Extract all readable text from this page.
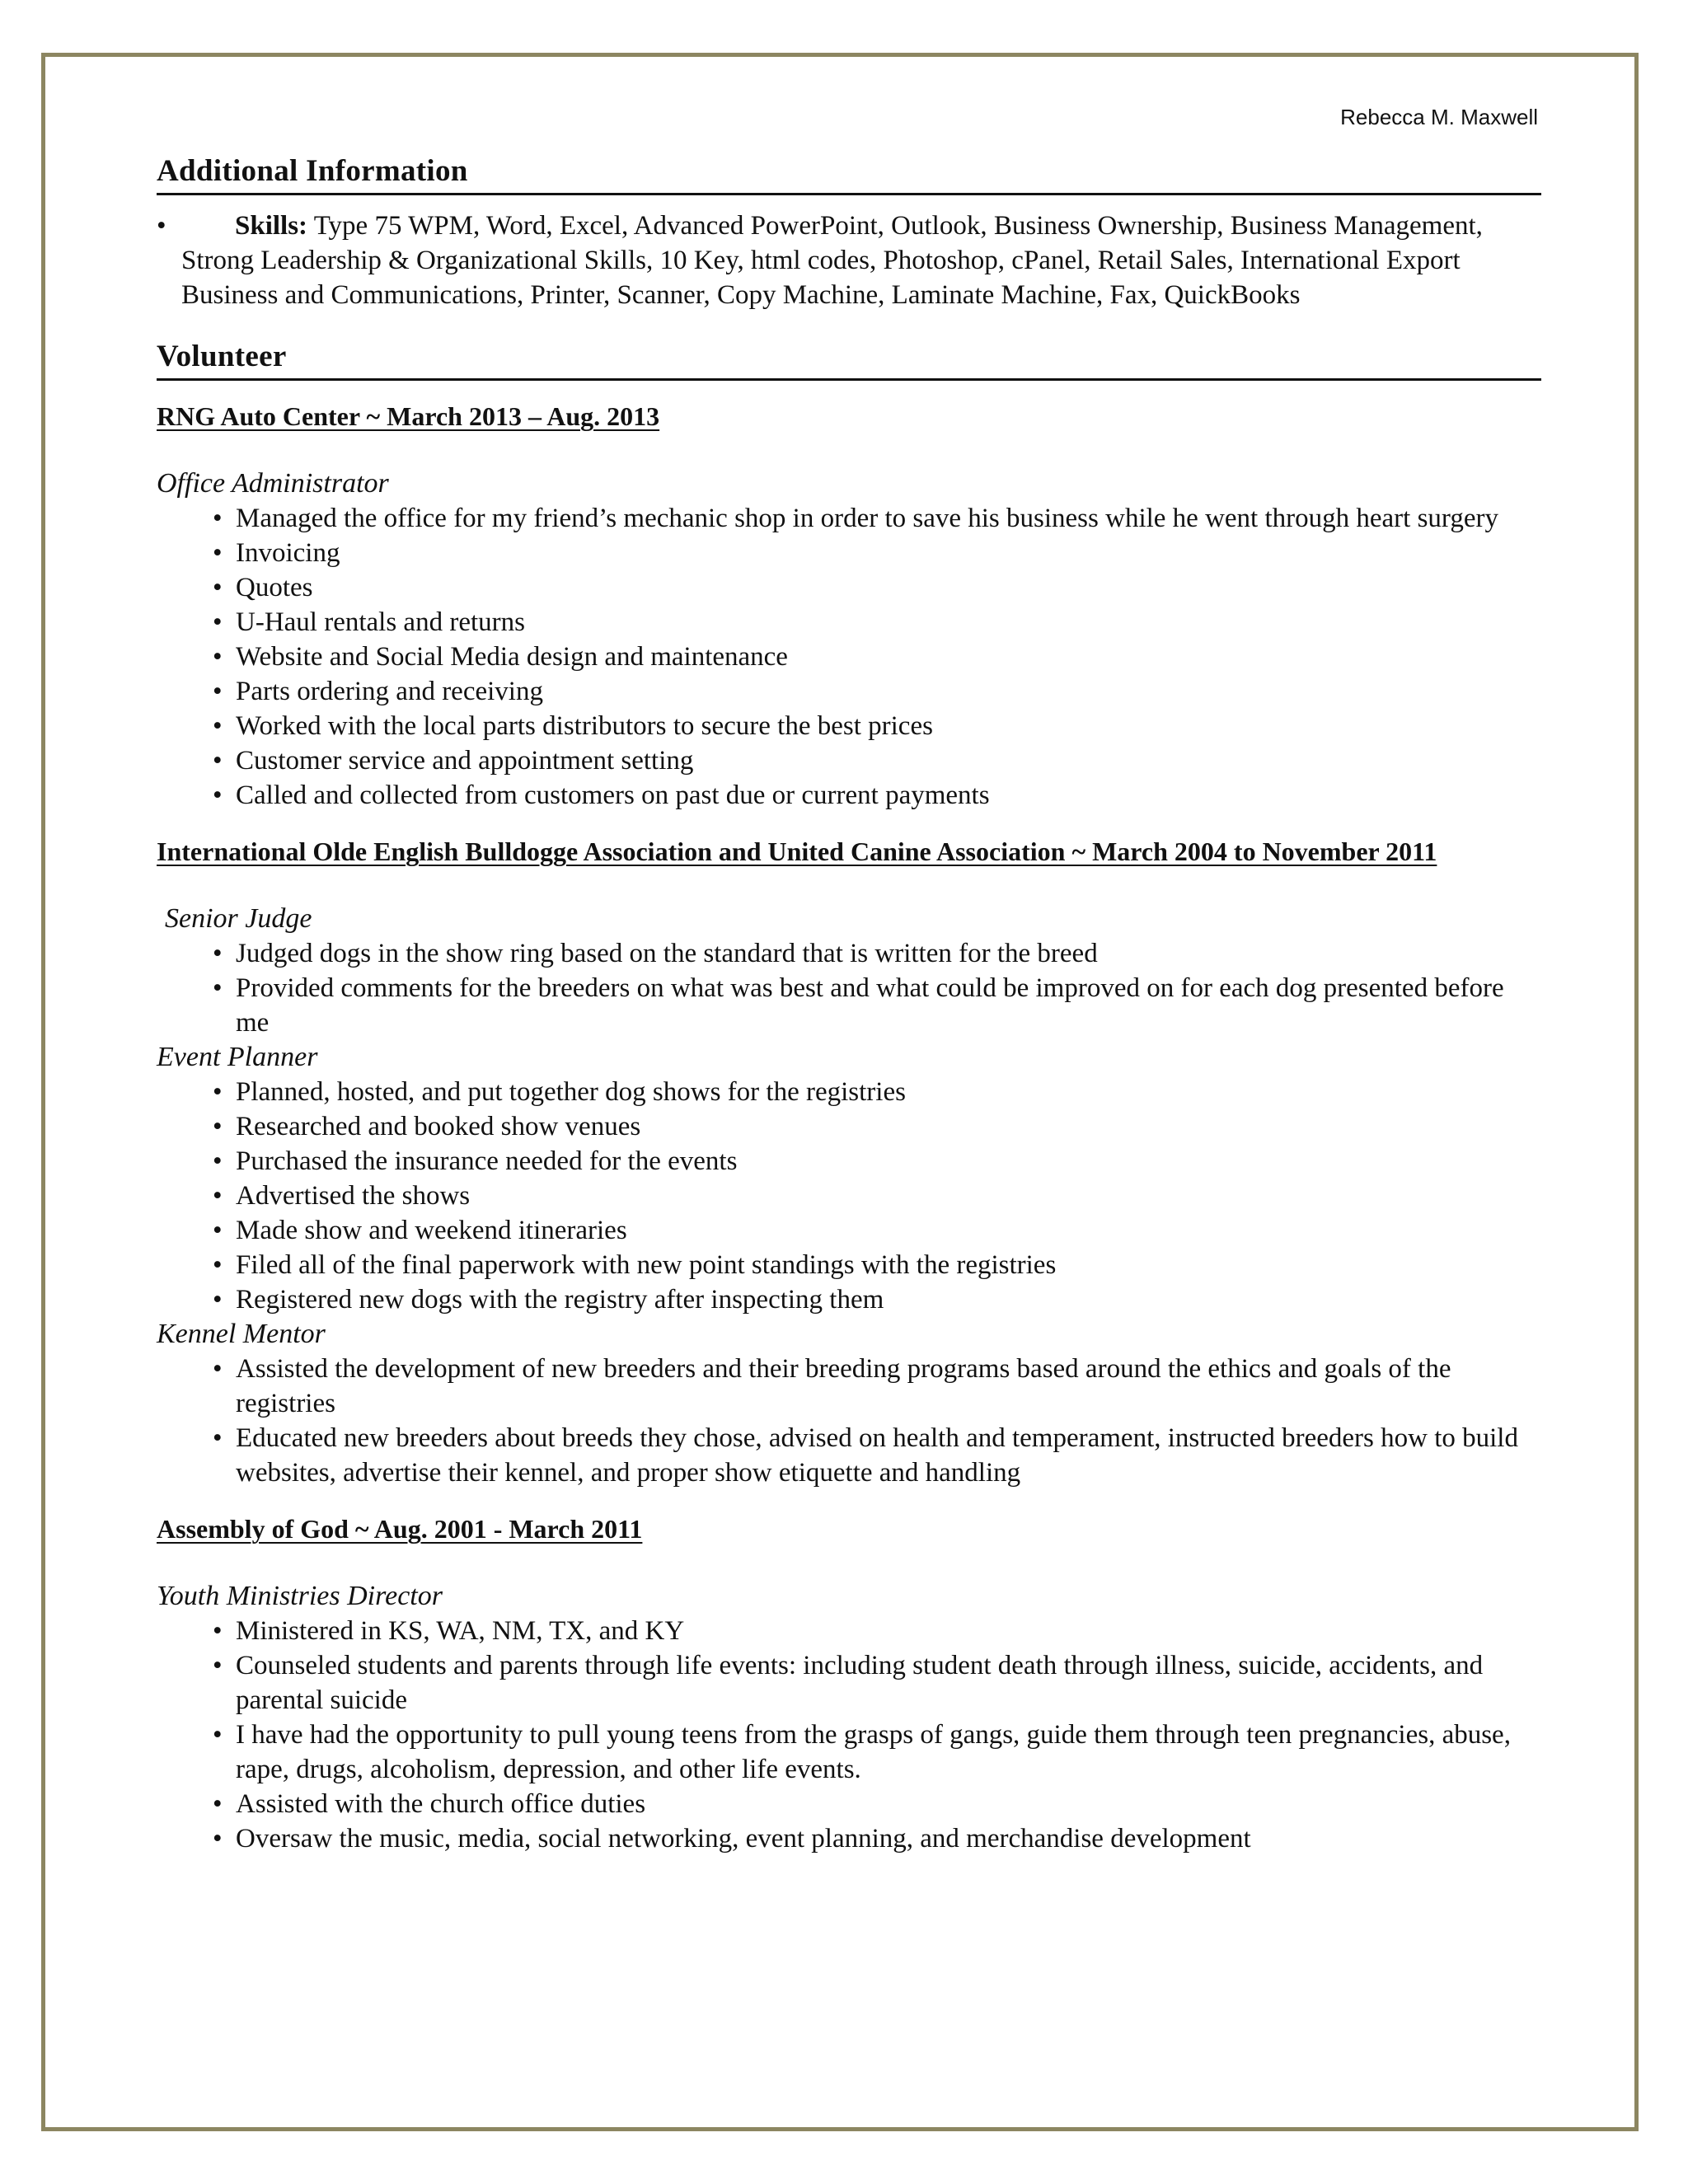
Rebecca M. Maxwell
Additional Information

•	Skills: Type 75 WPM, Word, Excel, Advanced PowerPoint, Outlook, Business Ownership, Business Management, Strong Leadership & Organizational Skills, 10 Key, html codes, Photoshop, cPanel, Retail Sales, International Export Business and Communications, Printer, Scanner, Copy Machine, Laminate Machine, Fax, QuickBooks

Volunteer
RNG Auto Center ~ March 2013 – Aug. 2013
Office Administrator
• Managed the office for my friend’s mechanic shop in order to save his business while he went through heart surgery
• Invoicing
• Quotes
• U-Haul rentals and returns
• Website and Social Media design and maintenance
• Parts ordering and receiving
• Worked with the local parts distributors to secure the best prices
• Customer service and appointment setting
• Called and collected from customers on past due or current payments
International Olde English Bulldogge Association and United Canine Association ~ March 2004 to November 2011
Senior Judge
• Judged dogs in the show ring based on the standard that is written for the breed
• Provided comments for the breeders on what was best and what could be improved on for each dog presented before me
Event Planner
• Planned, hosted, and put together dog shows for the registries
• Researched and booked show venues
• Purchased the insurance needed for the events
• Advertised the shows
• Made show and weekend itineraries
• Filed all of the final paperwork with new point standings with the registries
• Registered new dogs with the registry after inspecting them
Kennel Mentor
• Assisted the development of new breeders and their breeding programs based around the ethics and goals of the registries
• Educated new breeders about breeds they chose, advised on health and temperament, instructed breeders how to build websites, advertise their kennel, and proper show etiquette and handling
Assembly of God ~ Aug. 2001 - March 2011
Youth Ministries Director
• Ministered in KS, WA, NM, TX, and KY
• Counseled students and parents through life events: including student death through illness, suicide, accidents, and parental suicide
• I have had the opportunity to pull young teens from the grasps of gangs, guide them through teen pregnancies, abuse, rape, drugs, alcoholism, depression, and other life events.
• Assisted with the church office duties
• Oversaw the music, media, social networking, event planning, and merchandise development
